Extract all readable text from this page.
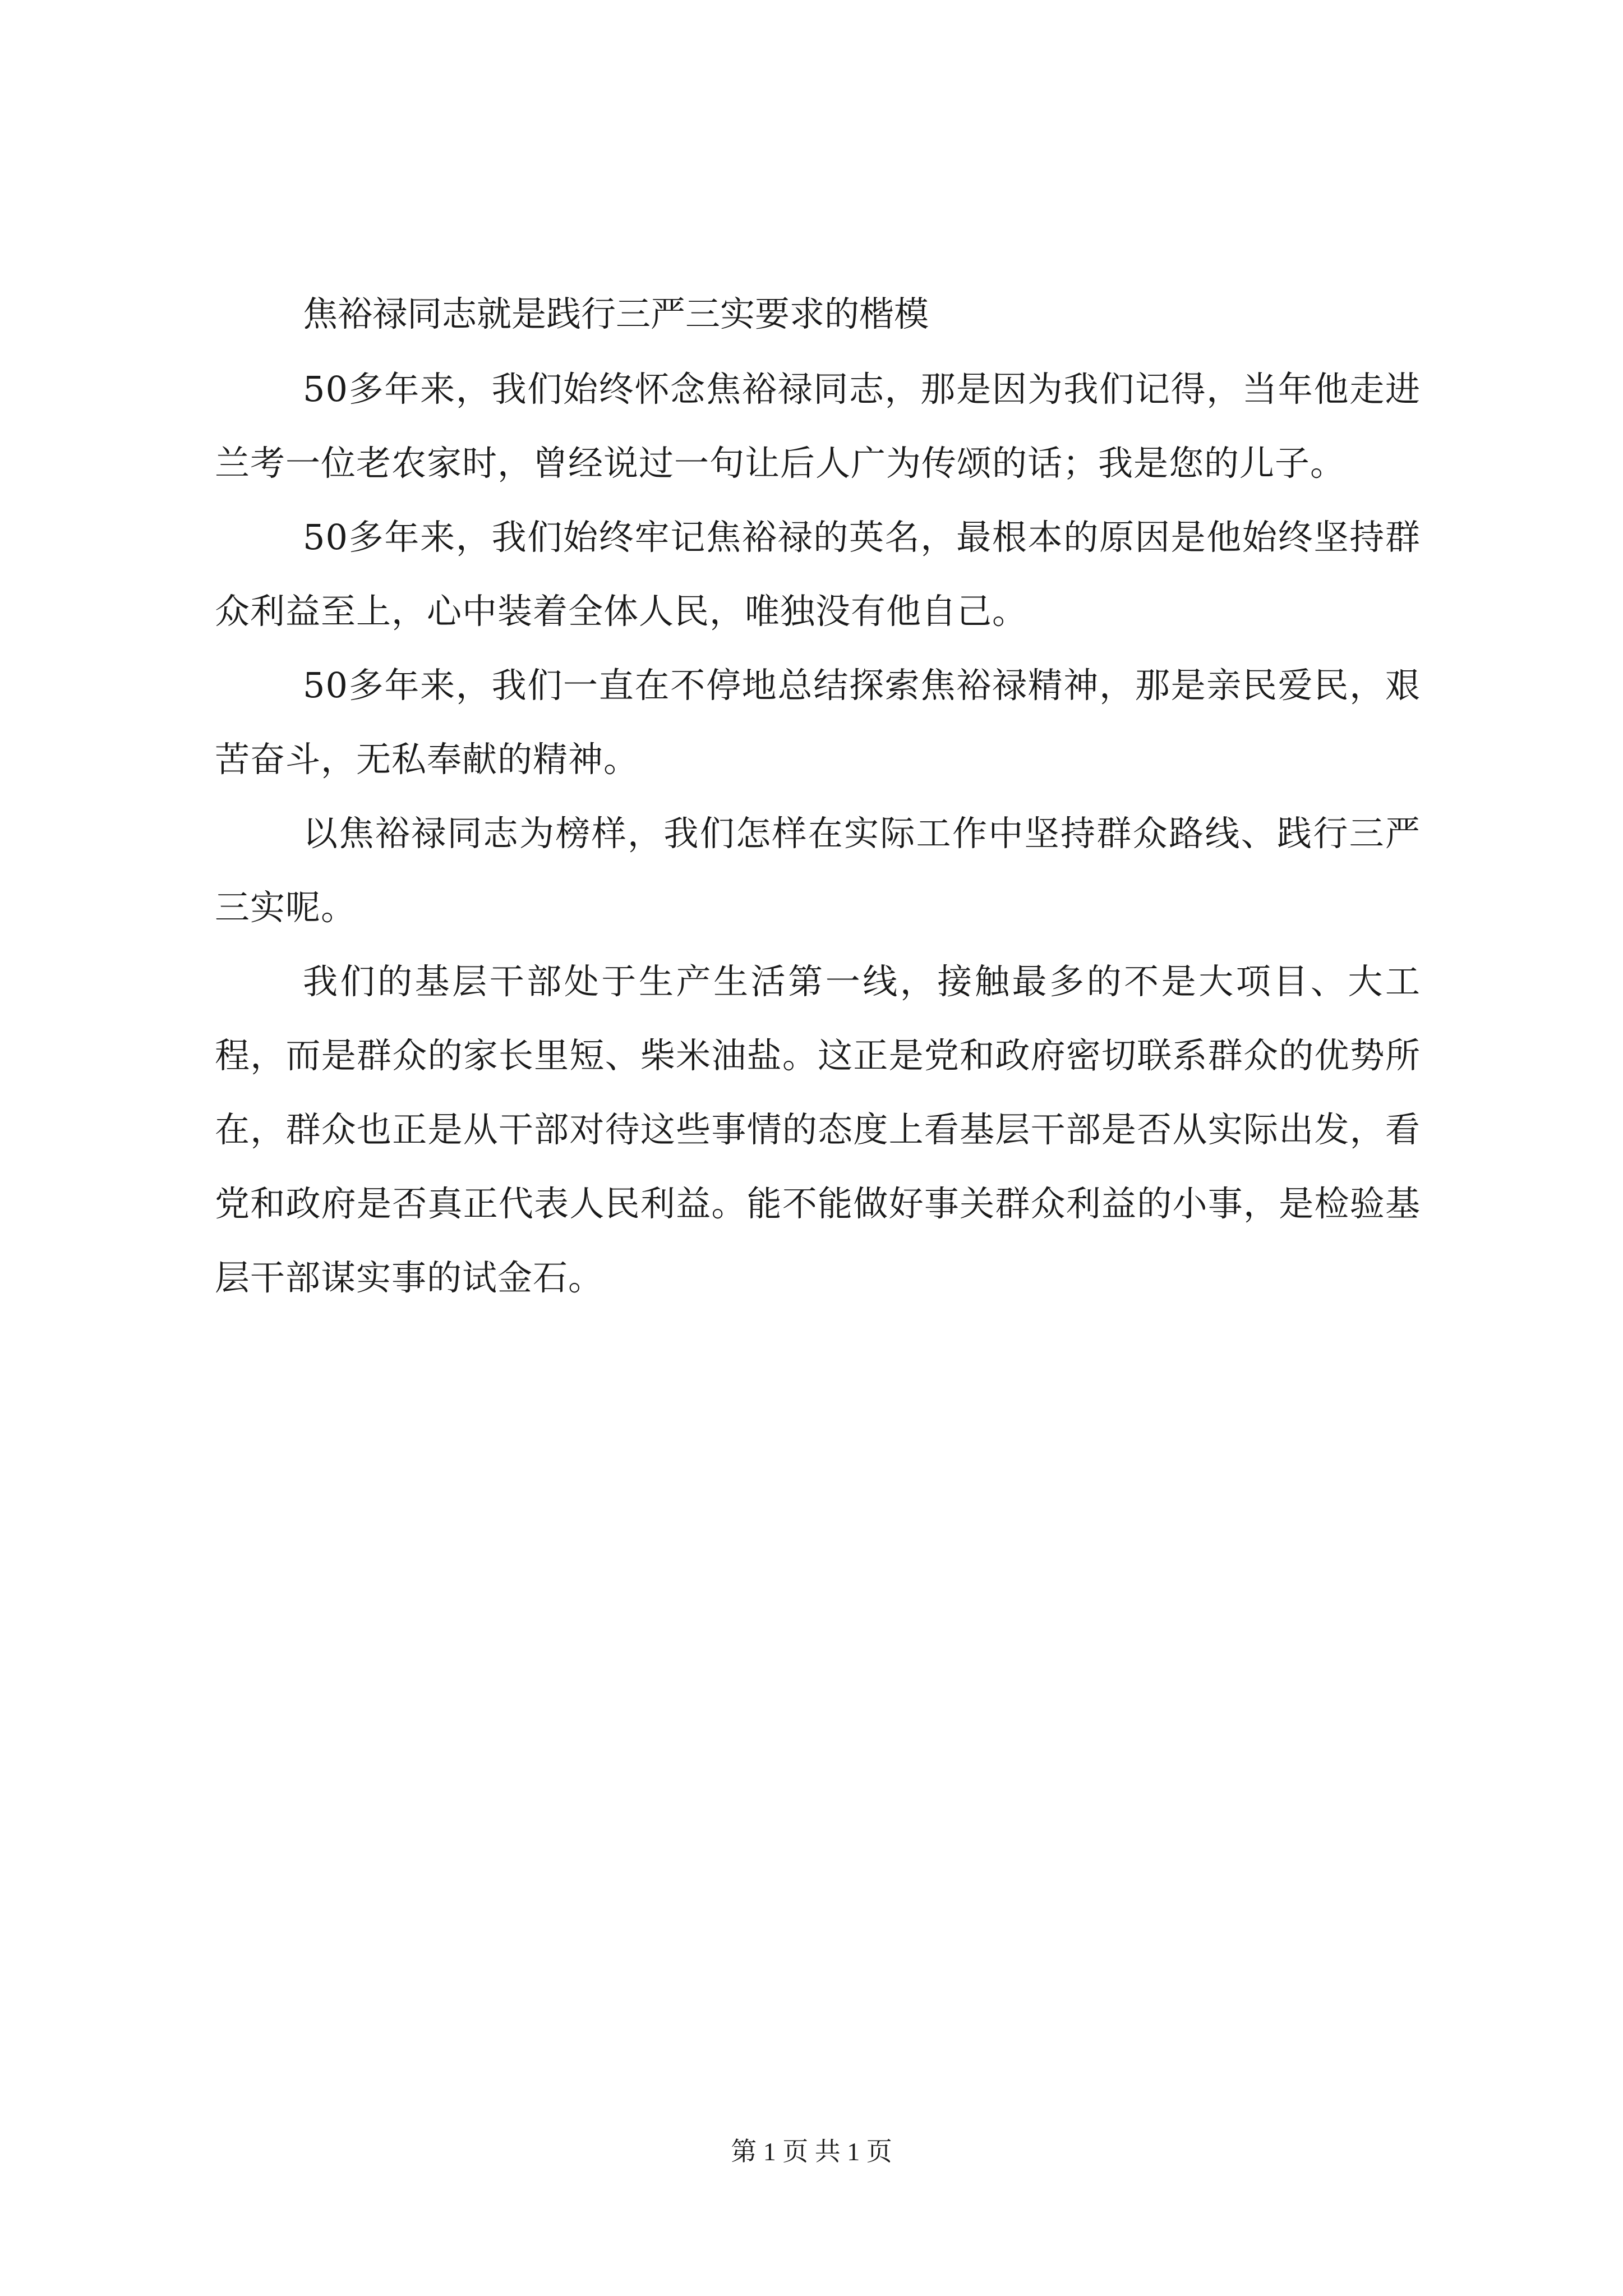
焦裕禄同志就是践行三严三实要求的楷模

50多年来，我们始终怀念焦裕禄同志，那是因为我们记得，当年他走进兰考一位老农家时，曾经说过一句让后人广为传颂的话；我是您的儿子。

50多年来，我们始终牢记焦裕禄的英名，最根本的原因是他始终坚持群众利益至上，心中装着全体人民，唯独没有他自己。

50多年来，我们一直在不停地总结探索焦裕禄精神，那是亲民爱民，艰苦奋斗，无私奉献的精神。

以焦裕禄同志为榜样，我们怎样在实际工作中坚持群众路线、践行三严三实呢。

我们的基层干部处于生产生活第一线，接触最多的不是大项目、大工程，而是群众的家长里短、柴米油盐。这正是党和政府密切联系群众的优势所在，群众也正是从干部对待这些事情的态度上看基层干部是否从实际出发，看党和政府是否真正代表人民利益。能不能做好事关群众利益的小事，是检验基层干部谋实事的试金石。

第 1 页 共 1 页
